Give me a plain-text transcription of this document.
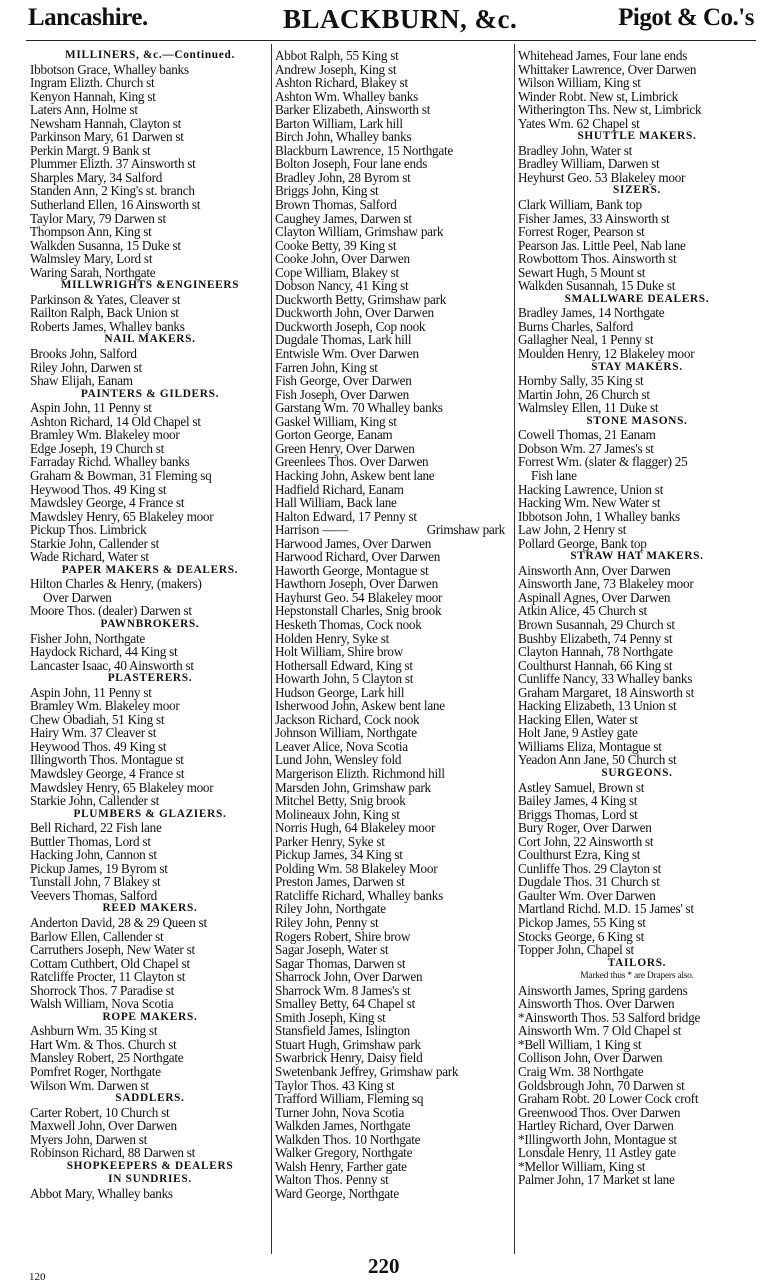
Lancashire.	BLACKBURN, &c.	Pigot & Co.'s
MILLINERS, &c.—Continued.
Ibbotson Grace, Whalley banks
Ingram Elizth. Church st
Kenyon Hannah, King st
Laters Ann, Holme st
Newsham Hannah, Clayton st
Parkinson Mary, 61 Darwen st
Perkin Margt. 9 Bank st
Plummer Elizth. 37 Ainsworth st
Sharples Mary, 34 Salford
Standen Ann, 2 King's st. branch
Sutherland Ellen, 16 Ainsworth st
Taylor Mary, 79 Darwen st
Thompson Ann, King st
Walkden Susanna, 15 Duke st
Walmsley Mary, Lord st
Waring Sarah, Northgate
MILLWRIGHTS &ENGINEERS
Parkinson & Yates, Cleaver st
Railton Ralph, Back Union st
Roberts James, Whalley banks
NAIL MAKERS.
Brooks John, Salford
Riley John, Darwen st
Shaw Elijah, Eanam
PAINTERS & GILDERS.
Aspin John, 11 Penny st
Ashton Richard, 14 Old Chapel st
Bramley Wm. Blakeley moor
Edge Joseph, 19 Church st
Farraday Richd. Whalley banks
Graham & Bowman, 31 Fleming sq
Heywood Thos. 49 King st
Mawdsley George, 4 France st
Mawdsley Henry, 65 Blakeley moor
Pickup Thos. Limbrick
Starkie John, Callender st
Wade Richard, Water st
PAPER MAKERS & DEALERS.
Hilton Charles & Henry, (makers)
Over Darwen
Moore Thos. (dealer) Darwen st
PAWNBROKERS.
Fisher John, Northgate
Haydock Richard, 44 King st
Lancaster Isaac, 40 Ainsworth st
PLASTERERS.
Aspin John, 11 Penny st
Bramley Wm. Blakeley moor
Chew Obadiah, 51 King st
Hairy Wm. 37 Cleaver st
Heywood Thos. 49 King st
Illingworth Thos. Montague st
Mawdsley George, 4 France st
Mawdsley Henry, 65 Blakeley moor
Starkie John, Callender st
PLUMBERS & GLAZIERS.
Bell Richard, 22 Fish lane
Buttler Thomas, Lord st
Hacking John, Cannon st
Pickup James, 19 Byrom st
Tunstall John, 7 Blakey st
Veevers Thomas, Salford
REED MAKERS.
Anderton David, 28 & 29 Queen st
Barlow Ellen, Callender st
Carruthers Joseph, New Water st
Cottam Cuthbert, Old Chapel st
Ratcliffe Procter, 11 Clayton st
Shorrock Thos. 7 Paradise st
Walsh William, Nova Scotia
ROPE MAKERS.
Ashburn Wm. 35 King st
Hart Wm. & Thos. Church st
Mansley Robert, 25 Northgate
Pomfret Roger, Northgate
Wilson Wm. Darwen st
SADDLERS.
Carter Robert, 10 Church st
Maxwell John, Over Darwen
Myers John, Darwen st
Robinson Richard, 88 Darwen st
SHOPKEEPERS & DEALERS
IN SUNDRIES.
Abbot Mary, Whalley banks
Abbot Ralph, 55 King st
Andrew Joseph, King st
Ashton Richard, Blakey st
Ashton Wm. Whalley banks
Barker Elizabeth, Ainsworth st
Barton William, Lark hill
Birch John, Whalley banks
Blackburn Lawrence, 15 Northgate
Bolton Joseph, Four lane ends
Bradley John, 28 Byrom st
Briggs John, King st
Brown Thomas, Salford
Caughey James, Darwen st
Clayton William, Grimshaw park
Cooke Betty, 39 King st
Cooke John, Over Darwen
Cope William, Blakey st
Dobson Nancy, 41 King st
Duckworth Betty, Grimshaw park
Duckworth John, Over Darwen
Duckworth Joseph, Cop nook
Dugdale Thomas, Lark hill
Entwisle Wm. Over Darwen
Farren John, King st
Fish George, Over Darwen
Fish Joseph, Over Darwen
Garstang Wm. 70 Whalley banks
Gaskel William, King st
Gorton George, Eanam
Green Henry, Over Darwen
Greenlees Thos. Over Darwen
Hacking John, Askew bent lane
Hadfield Richard, Eanam
Hall William, Back lane
Halton Edward, 17 Penny st
Harrison ——	Grimshaw park
Harwood James, Over Darwen
Harwood Richard, Over Darwen
Haworth George, Montague st
Hawthorn Joseph, Over Darwen
Hayhurst Geo. 54 Blakeley moor
Hepstonstall Charles, Snig brook
Hesketh Thomas, Cock nook
Holden Henry, Syke st
Holt William, Shire brow
Hothersall Edward, King st
Howarth John, 5 Clayton st
Hudson George, Lark hill
Isherwood John, Askew bent lane
Jackson Richard, Cock nook
Johnson William, Northgate
Leaver Alice, Nova Scotia
Lund John, Wensley fold
Margerison Elizth. Richmond hill
Marsden John, Grimshaw park
Mitchel Betty, Snig brook
Molineaux John, King st
Norris Hugh, 64 Blakeley moor
Parker Henry, Syke st
Pickup James, 34 King st
Polding Wm. 58 Blakeley Moor
Preston James, Darwen st
Ratcliffe Richard, Whalley banks
Riley John, Northgate
Riley John, Penny st
Rogers Robert, Shire brow
Sagar Joseph, Water st
Sagar Thomas, Darwen st
Sharrock John, Over Darwen
Sharrock Wm. 8 James's st
Smalley Betty, 64 Chapel st
Smith Joseph, King st
Stansfield James, Islington
Stuart Hugh, Grimshaw park
Swarbrick Henry, Daisy field
Swetenbank Jeffrey, Grimshaw park
Taylor Thos. 43 King st
Trafford William, Fleming sq
Turner John, Nova Scotia
Walkden James, Northgate
Walkden Thos. 10 Northgate
Walker Gregory, Northgate
Walsh Henry, Farther gate
Walton Thos. Penny st
Ward George, Northgate
Whitehead James, Four lane ends
Whittaker Lawrence, Over Darwen
Wilson William, King st
Winder Robt. New st, Limbrick
Witherington Ths. New st, Limbrick
Yates Wm. 62 Chapel st
SHUTTLE MAKERS.
Bradley John, Water st
Bradley William, Darwen st
Heyhurst Geo. 53 Blakeley moor
SIZERS.
Clark William, Bank top
Fisher James, 33 Ainsworth st
Forrest Roger, Pearson st
Pearson Jas. Little Peel, Nab lane
Rowbottom Thos. Ainsworth st
Sewart Hugh, 5 Mount st
Walkden Susannah, 15 Duke st
SMALLWARE DEALERS.
Bradley James, 14 Northgate
Burns Charles, Salford
Gallagher Neal, 1 Penny st
Moulden Henry, 12 Blakeley moor
STAY MAKERS.
Hornby Sally, 35 King st
Martin John, 26 Church st
Walmsley Ellen, 11 Duke st
STONE MASONS.
Cowell Thomas, 21 Eanam
Dobson Wm. 27 James's st
Forrest Wm. (slater & flagger) 25
Fish lane
Hacking Lawrence, Union st
Hacking Wm. New Water st
Ibbotson John, 1 Whalley banks
Law John, 2 Henry st
Pollard George, Bank top
STRAW HAT MAKERS.
Ainsworth Ann, Over Darwen
Ainsworth Jane, 73 Blakeley moor
Aspinall Agnes, Over Darwen
Atkin Alice, 45 Church st
Brown Susannah, 29 Church st
Bushby Elizabeth, 74 Penny st
Clayton Hannah, 78 Northgate
Coulthurst Hannah, 66 King st
Cunliffe Nancy, 33 Whalley banks
Graham Margaret, 18 Ainsworth st
Hacking Elizabeth, 13 Union st
Hacking Ellen, Water st
Holt Jane, 9 Astley gate
Williams Eliza, Montague st
Yeadon Ann Jane, 50 Church st
SURGEONS.
Astley Samuel, Brown st
Bailey James, 4 King st
Briggs Thomas, Lord st
Bury Roger, Over Darwen
Cort John, 22 Ainsworth st
Coulthurst Ezra, King st
Cunliffe Thos. 29 Clayton st
Dugdale Thos. 31 Church st
Gaulter Wm. Over Darwen
Martland Richd. M.D. 15 James' st
Pickop James, 55 King st
Stocks George, 6 King st
Topper John, Chapel st
TAILORS.
Marked thus * are Drapers also.
Ainsworth James, Spring gardens
Ainsworth Thos. Over Darwen
*Ainsworth Thos. 53 Salford bridge
Ainsworth Wm. 7 Old Chapel st
*Bell William, 1 King st
Collison John, Over Darwen
Craig Wm. 38 Northgate
Goldsbrough John, 70 Darwen st
Graham Robt. 20 Lower Cock croft
Greenwood Thos. Over Darwen
Hartley Richard, Over Darwen
*Illingworth John, Montague st
Lonsdale Henry, 11 Astley gate
*Mellor William, King st
Palmer John, 17 Market st lane
120	220
